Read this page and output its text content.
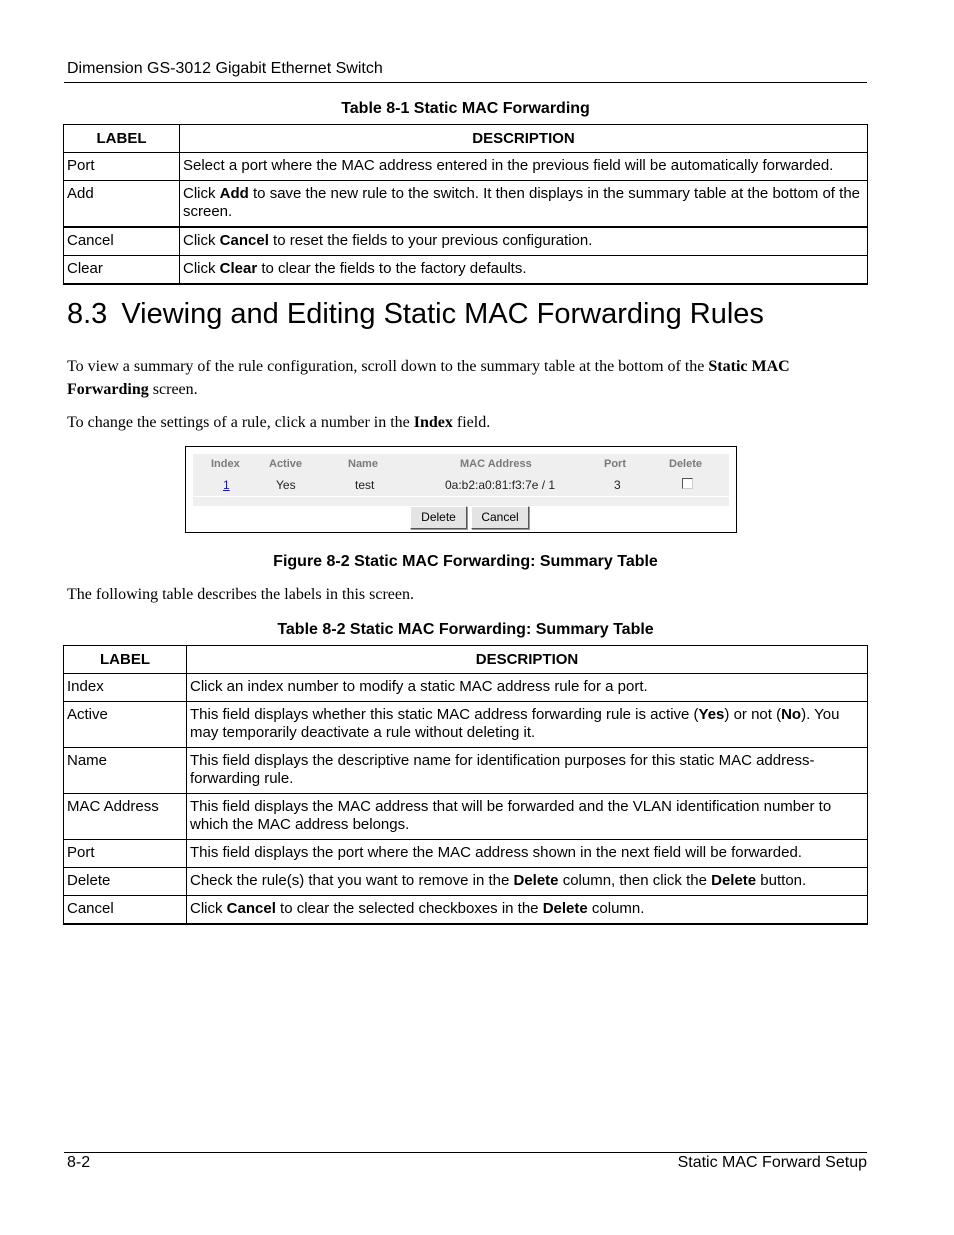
Dimension GS-3012 Gigabit Ethernet Switch
Table 8-1 Static MAC Forwarding
LABEL	DESCRIPTION
Port	Select a port where the MAC address entered in the previous field will be automatically forwarded.
Add	Click Add to save the new rule to the switch. It then displays in the summary table at the bottom of the screen.
Cancel	Click Cancel to reset the fields to your previous configuration.
Clear	Click Clear to clear the fields to the factory defaults.
8.3 Viewing and Editing Static MAC Forwarding Rules
To view a summary of the rule configuration, scroll down to the summary table at the bottom of the Static MAC Forwarding screen.
To change the settings of a rule, click a number in the Index field.
Index	Active	Name	MAC Address	Port	Delete
1	Yes	test	0a:b2:a0:81:f3:7e / 1	3
Delete	Cancel
Figure 8-2 Static MAC Forwarding: Summary Table
The following table describes the labels in this screen.
Table 8-2 Static MAC Forwarding: Summary Table
LABEL	DESCRIPTION
Index	Click an index number to modify a static MAC address rule for a port.
Active	This field displays whether this static MAC address forwarding rule is active (Yes) or not (No). You may temporarily deactivate a rule without deleting it.
Name	This field displays the descriptive name for identification purposes for this static MAC address-forwarding rule.
MAC Address	This field displays the MAC address that will be forwarded and the VLAN identification number to which the MAC address belongs.
Port	This field displays the port where the MAC address shown in the next field will be forwarded.
Delete	Check the rule(s) that you want to remove in the Delete column, then click the Delete button.
Cancel	Click Cancel to clear the selected checkboxes in the Delete column.
8-2	Static MAC Forward Setup
